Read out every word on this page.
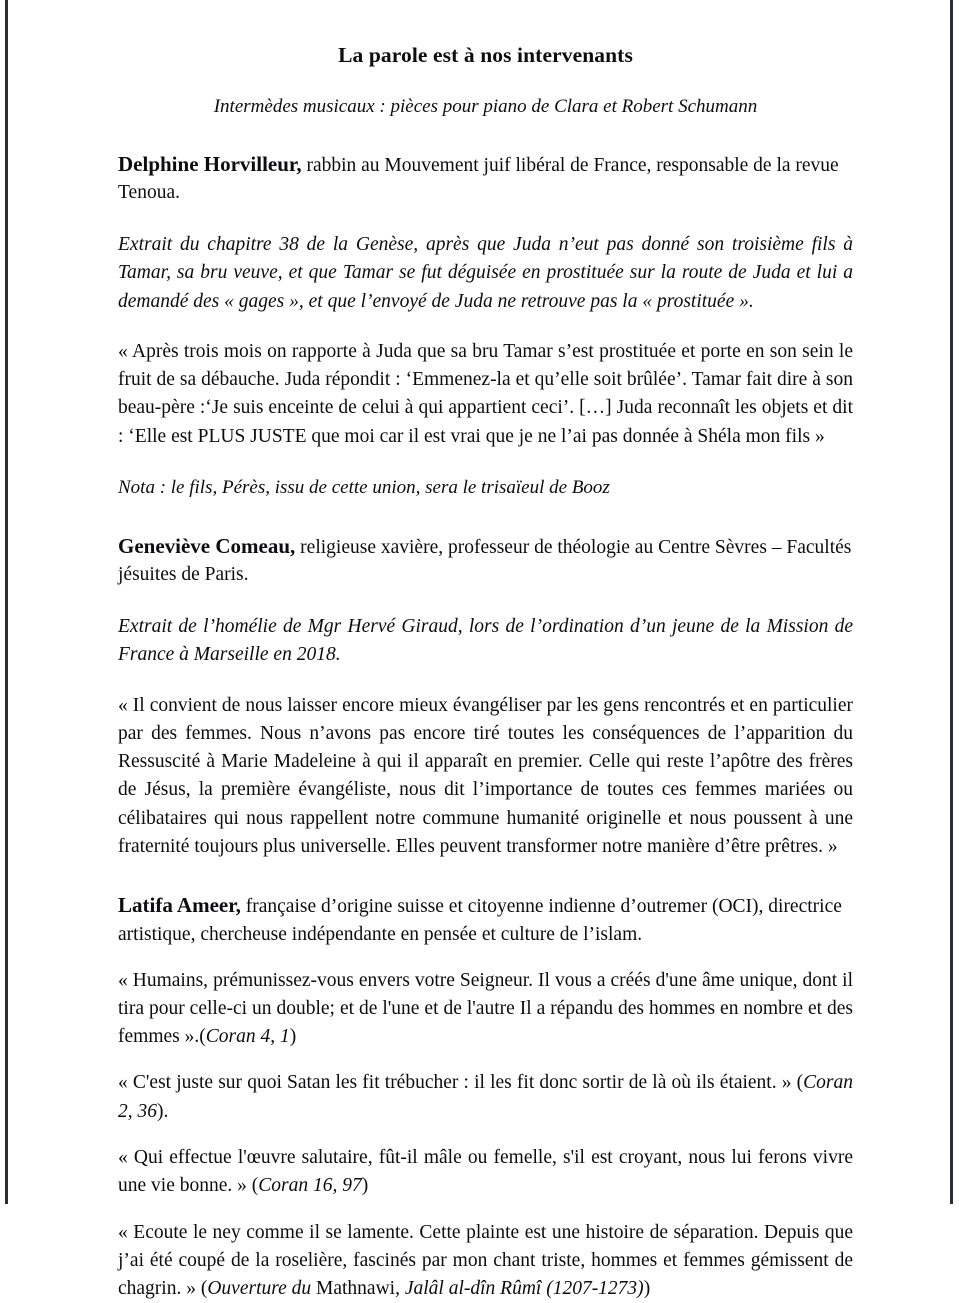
La parole est à nos intervenants

Intermèdes musicaux : pièces pour piano de Clara et Robert Schumann

Delphine Horvilleur, rabbin au Mouvement juif libéral de France, responsable de la revue Tenoua.

Extrait du chapitre 38 de la Genèse, après que Juda n’eut pas donné son troisième fils à Tamar, sa bru veuve, et que Tamar se fut déguisée en prostituée sur la route de Juda et lui a demandé des « gages », et que l’envoyé de Juda ne retrouve pas la « prostituée ».

« Après trois mois on rapporte à Juda que sa bru Tamar s’est prostituée et porte en son sein le fruit de sa débauche. Juda répondit : ‘Emmenez-la et qu’elle soit brûlée’. Tamar fait dire à son beau-père :‘Je suis enceinte de celui à qui appartient ceci’. […] Juda reconnaît les objets et dit : ‘Elle est PLUS JUSTE que moi car il est vrai que je ne l’ai pas donnée à Shéla mon fils »

Nota : le fils, Pérès, issu de cette union, sera le trisaïeul de Booz

Geneviève Comeau, religieuse xavière, professeur de théologie au Centre Sèvres – Facultés jésuites de Paris.

Extrait de l’homélie de Mgr Hervé Giraud, lors de l’ordination d’un jeune de la Mission de France à Marseille en 2018.

« Il convient de nous laisser encore mieux évangéliser par les gens rencontrés et en particulier par des femmes. Nous n’avons pas encore tiré toutes les conséquences de l’apparition du Ressuscité à Marie Madeleine à qui il apparaît en premier. Celle qui reste l’apôtre des frères de Jésus, la première évangéliste, nous dit l’importance de toutes ces femmes mariées ou célibataires qui nous rappellent notre commune humanité originelle et nous poussent à une fraternité toujours plus universelle. Elles peuvent transformer notre manière d’être prêtres. »

Latifa Ameer, française d’origine suisse et citoyenne indienne d’outremer (OCI), directrice artistique, chercheuse indépendante en pensée et culture de l’islam.

« Humains, prémunissez-vous envers votre Seigneur. Il vous a créés d'une âme unique, dont il tira pour celle-ci un double; et de l'une et de l'autre Il a répandu des hommes en nombre et des femmes ».(Coran 4, 1)

« C'est juste sur quoi Satan les fit trébucher : il les fit donc sortir de là où ils étaient. » (Coran 2, 36).

« Qui effectue l'œuvre salutaire, fût-il mâle ou femelle, s'il est croyant, nous lui ferons vivre une vie bonne. » (Coran 16, 97)

« Ecoute le ney comme il se lamente. Cette plainte est une histoire de séparation. Depuis que j’ai été coupé de la roselière, fascinés par mon chant triste, hommes et femmes gémissent de chagrin. » (Ouverture du Mathnawi, Jalâl al-dîn Rûmî (1207-1273))
